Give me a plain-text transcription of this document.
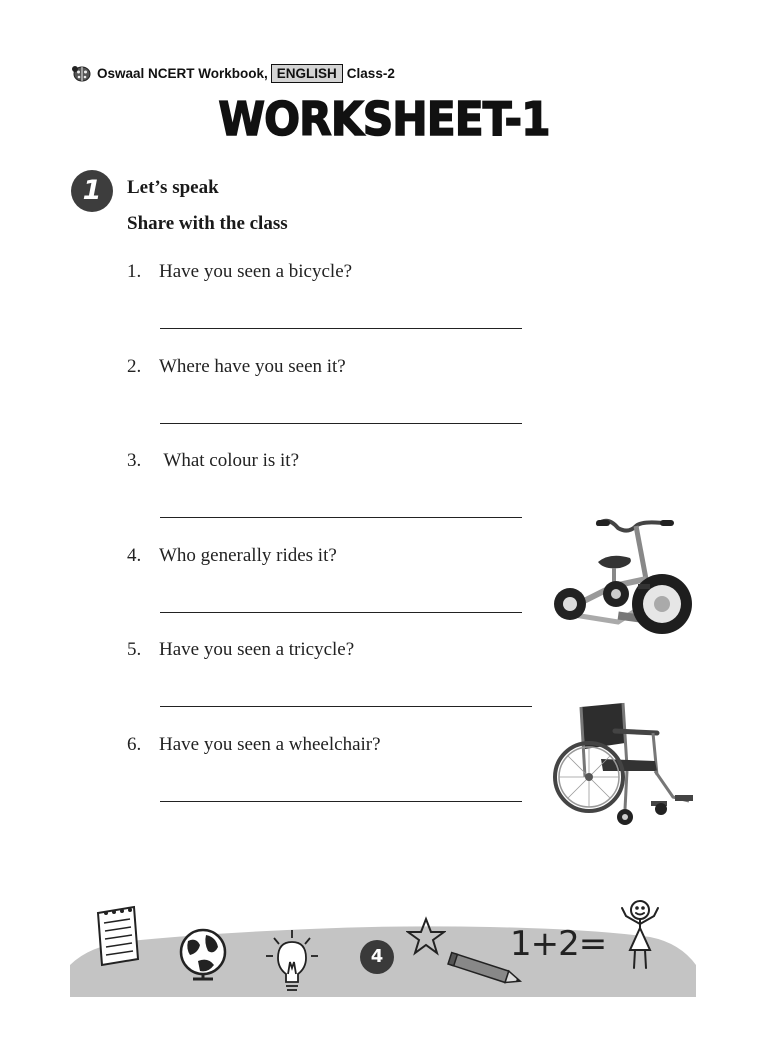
Oswaal NCERT Workbook, ENGLISH Class-2
WORKSHEET-1
1	Let’s speak
Share with the class
1. Have you seen a bicycle?
2. Where have you seen it?
3. What colour is it?
4. Who generally rides it?
5. Have you seen a tricycle?
6. Have you seen a wheelchair?
4	1+2=
